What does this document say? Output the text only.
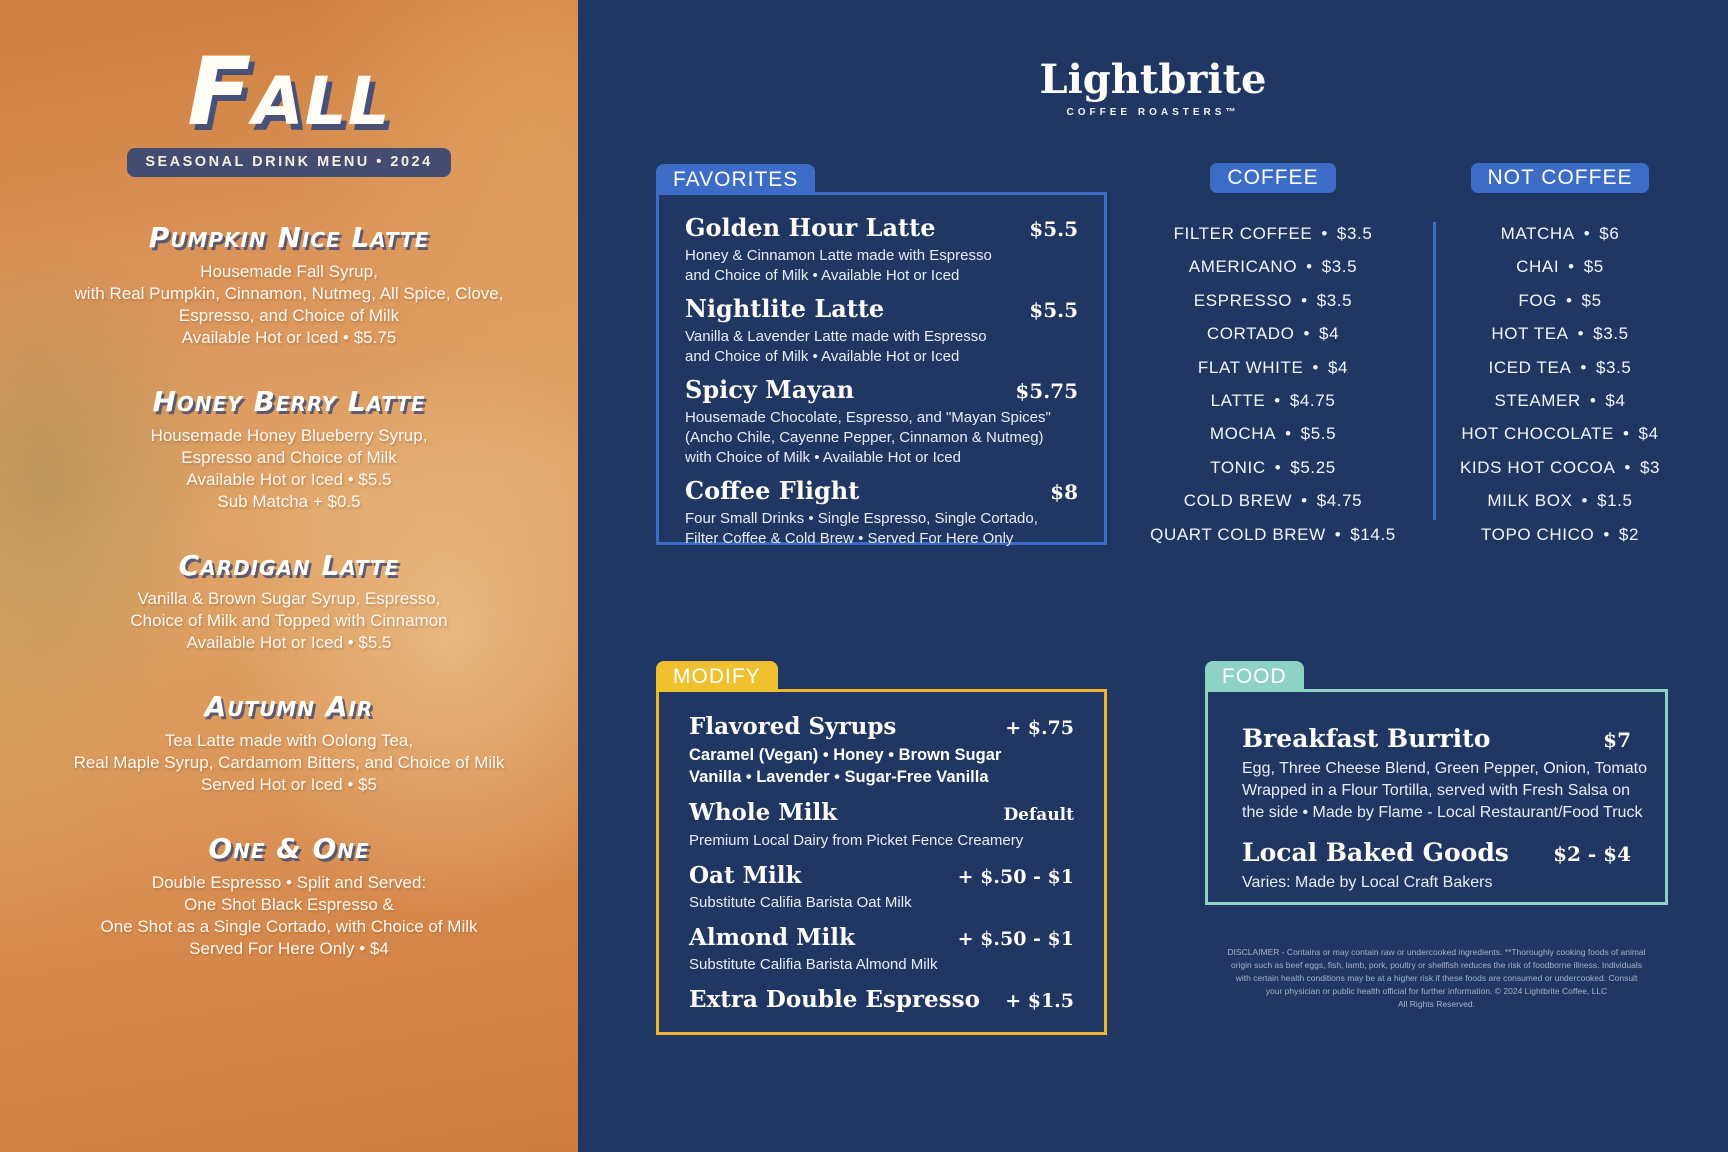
Fall
SEASONAL DRINK MENU • 2024
Pumpkin Nice Latte
Housemade Fall Syrup,
with Real Pumpkin, Cinnamon, Nutmeg, All Spice, Clove,
Espresso, and Choice of Milk
Available Hot or Iced • $5.75
Honey Berry Latte
Housemade Honey Blueberry Syrup,
Espresso and Choice of Milk
Available Hot or Iced • $5.5
Sub Matcha + $0.5
Cardigan Latte
Vanilla & Brown Sugar Syrup, Espresso,
Choice of Milk and Topped with Cinnamon
Available Hot or Iced • $5.5
Autumn Air
Tea Latte made with Oolong Tea,
Real Maple Syrup, Cardamom Bitters, and Choice of Milk
Served Hot or Iced • $5
One & One
Double Espresso • Split and Served:
One Shot Black Espresso &
One Shot as a Single Cortado, with Choice of Milk
Served For Here Only • $4
Lightbrite
COFFEE ROASTERS™
FAVORITES
Golden Hour Latte	$5.5
Honey & Cinnamon Latte made with Espresso
and Choice of Milk • Available Hot or Iced
Nightlite Latte	$5.5
Vanilla & Lavender Latte made with Espresso
and Choice of Milk • Available Hot or Iced
Spicy Mayan	$5.75
Housemade Chocolate, Espresso, and "Mayan Spices"
(Ancho Chile, Cayenne Pepper, Cinnamon & Nutmeg)
with Choice of Milk • Available Hot or Iced
Coffee Flight	$8
Four Small Drinks • Single Espresso, Single Cortado,
Filter Coffee & Cold Brew • Served For Here Only
COFFEE
FILTER COFFEE • $3.5
AMERICANO • $3.5
ESPRESSO • $3.5
CORTADO • $4
FLAT WHITE • $4
LATTE • $4.75
MOCHA • $5.5
TONIC • $5.25
COLD BREW • $4.75
QUART COLD BREW • $14.5
NOT COFFEE
MATCHA • $6
CHAI • $5
FOG • $5
HOT TEA • $3.5
ICED TEA • $3.5
STEAMER • $4
HOT CHOCOLATE • $4
KIDS HOT COCOA • $3
MILK BOX • $1.5
TOPO CHICO • $2
MODIFY
Flavored Syrups	+ $.75
Caramel (Vegan) • Honey • Brown Sugar
Vanilla • Lavender • Sugar-Free Vanilla
Whole Milk	Default
Premium Local Dairy from Picket Fence Creamery
Oat Milk	+ $.50 - $1
Substitute Califia Barista Oat Milk
Almond Milk	+ $.50 - $1
Substitute Califia Barista Almond Milk
Extra Double Espresso + $1.5
FOOD
Breakfast Burrito	$7
Egg, Three Cheese Blend, Green Pepper, Onion, Tomato
Wrapped in a Flour Tortilla, served with Fresh Salsa on
the side • Made by Flame - Local Restaurant/Food Truck
Local Baked Goods $2 - $4
Varies: Made by Local Craft Bakers
DISCLAIMER - Contains or may contain raw or undercooked ingredients. **Thoroughly cooking foods of animal
origin such as beef eggs, fish, lamb, pork, poultry or shellfish reduces the risk of foodborne illness. Individuals
with certain health conditions may be at a higher risk if these foods are consumed or undercooked. Consult
your physician or public health official for further information. © 2024 Lightbrite Coffee, LLC
All Rights Reserved.
